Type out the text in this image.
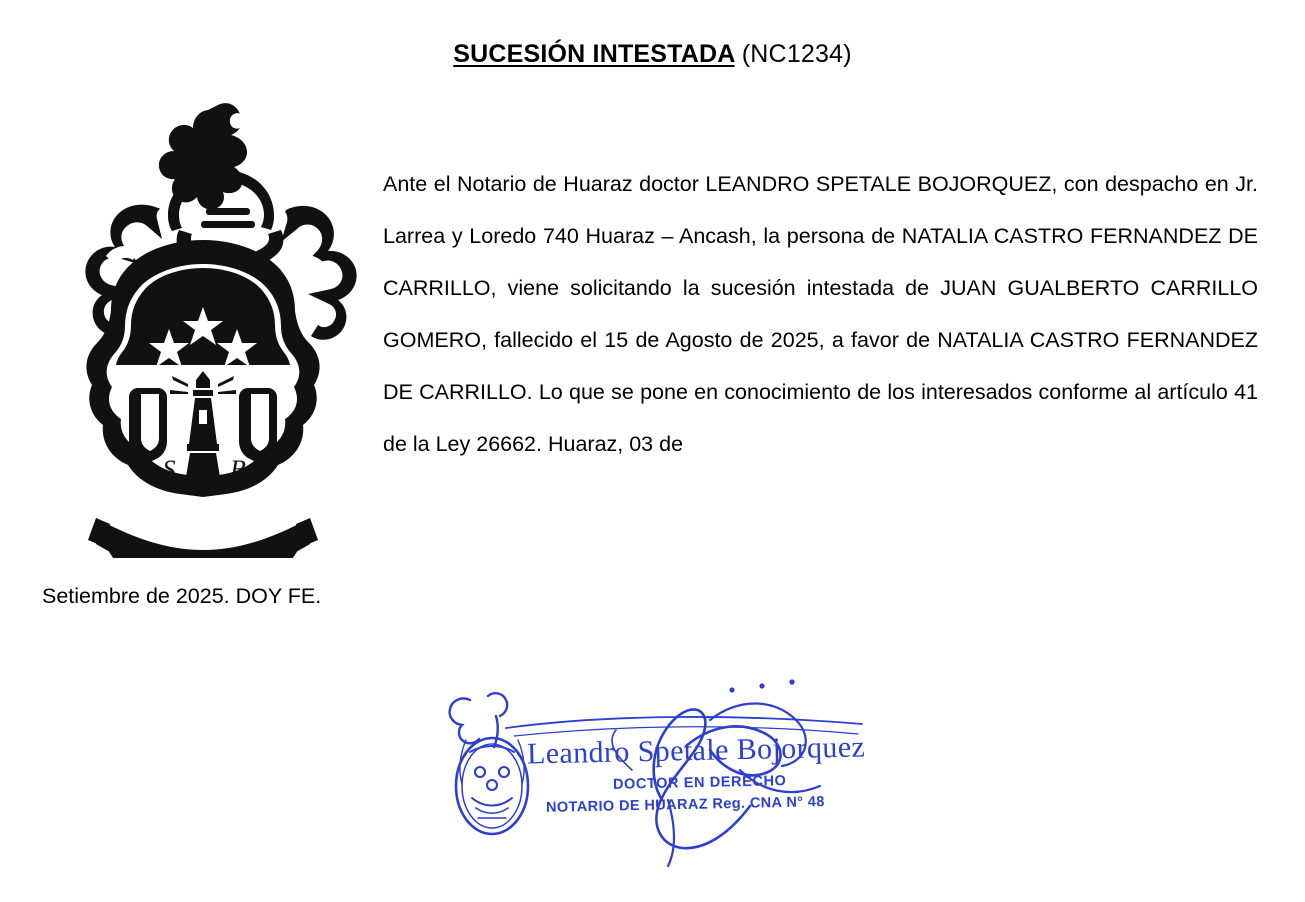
SUCESIÓN INTESTADA (NC1234)
S B
Ante el Notario de Huaraz doctor LEANDRO SPETALE BOJORQUEZ, con despacho en Jr. Larrea y Loredo 740 Huaraz – Ancash, la persona de NATALIA CASTRO FERNANDEZ DE CARRILLO, viene solicitando la sucesión intestada de JUAN GUALBERTO CARRILLO GOMERO, fallecido el 15 de Agosto de 2025, a favor de NATALIA CASTRO FERNANDEZ DE CARRILLO. Lo que se pone en conocimiento de los interesados conforme al artículo 41 de la Ley 26662. Huaraz, 03 de
Setiembre de 2025. DOY FE.
Leandro Spetale Bojorquez
DOCTOR EN DERECHO
NOTARIO DE HUARAZ Reg. CNA N° 48
